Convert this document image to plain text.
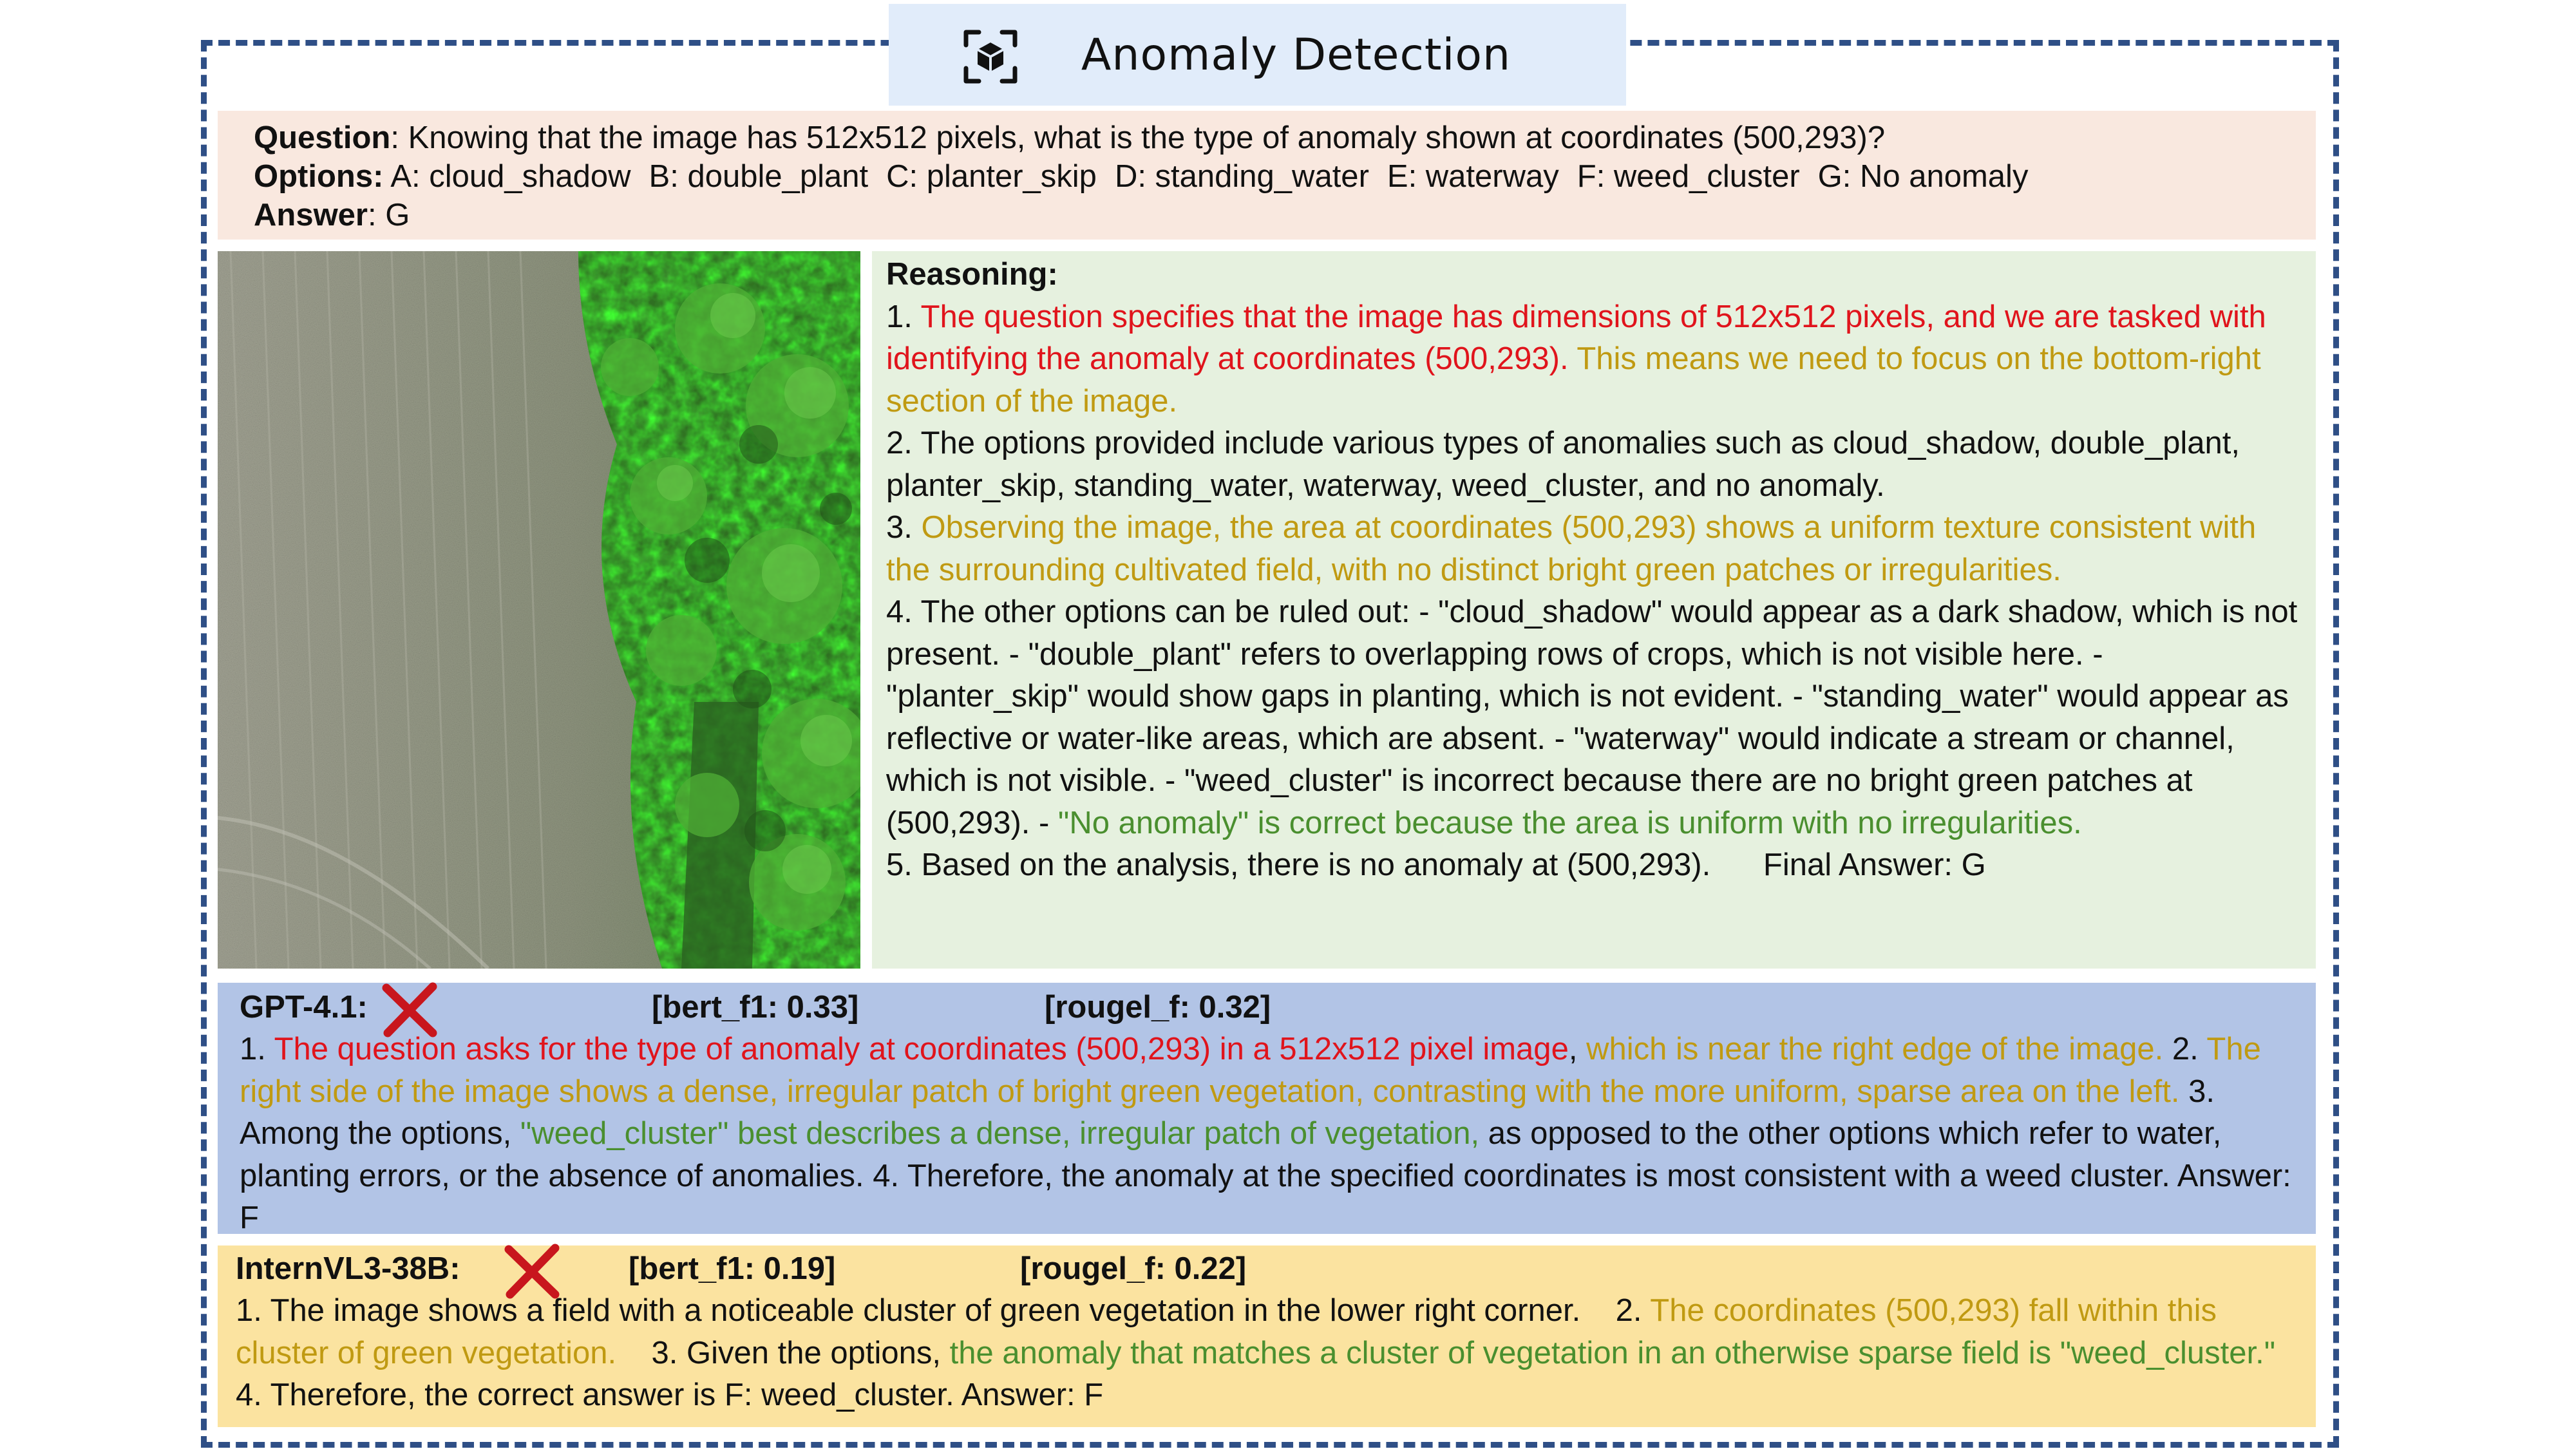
Anomaly Detection
Question: Knowing that the image has 512x512 pixels, what is the type of anomaly shown at coordinates (500,293)?
Options: A: cloud_shadow B: double_plant C: planter_skip D: standing_water E: waterway F: weed_cluster G: No anomaly
Answer: G

Reasoning:

1. The question specifies that the image has dimensions of 512x512 pixels, and we are tasked with identifying the anomaly at coordinates (500,293). This means we need to focus on the bottom-right section of the image.

2. The options provided include various types of anomalies such as cloud_shadow, double_plant, planter_skip, standing_water, waterway, weed_cluster, and no anomaly.

3. Observing the image, the area at coordinates (500,293) shows a uniform texture consistent with the surrounding cultivated field, with no distinct bright green patches or irregularities.

4. The other options can be ruled out: - "cloud_shadow" would appear as a dark shadow, which is not present. - "double_plant" refers to overlapping rows of crops, which is not visible here. - "planter_skip" would show gaps in planting, which is not evident. - "standing_water" would appear as reflective or water-like areas, which are absent. - "waterway" would indicate a stream or channel, which is not visible. - "weed_cluster" is incorrect because there are no bright green patches at (500,293). - "No anomaly" is correct because the area is uniform with no irregularities.

5. Based on the analysis, there is no anomaly at (500,293). Final Answer: G

GPT-4.1:	[bert_f1: 0.33]	[rougel_f: 0.32]

1. The question asks for the type of anomaly at coordinates (500,293) in a 512x512 pixel image, which is near the right edge of the image. 2. The right side of the image shows a dense, irregular patch of bright green vegetation, contrasting with the more uniform, sparse area on the left. 3. Among the options, "weed_cluster" best describes a dense, irregular patch of vegetation, as opposed to the other options which refer to water, planting errors, or the absence of anomalies. 4. Therefore, the anomaly at the specified coordinates is most consistent with a weed cluster. Answer: F

InternVL3-38B:	[bert_f1: 0.19]	[rougel_f: 0.22]

1. The image shows a field with a noticeable cluster of green vegetation in the lower right corner.    2. The coordinates (500,293) fall within this cluster of green vegetation.    3. Given the options, the anomaly that matches a cluster of vegetation in an otherwise sparse field is "weed_cluster."    4. Therefore, the correct answer is F: weed_cluster. Answer: F
